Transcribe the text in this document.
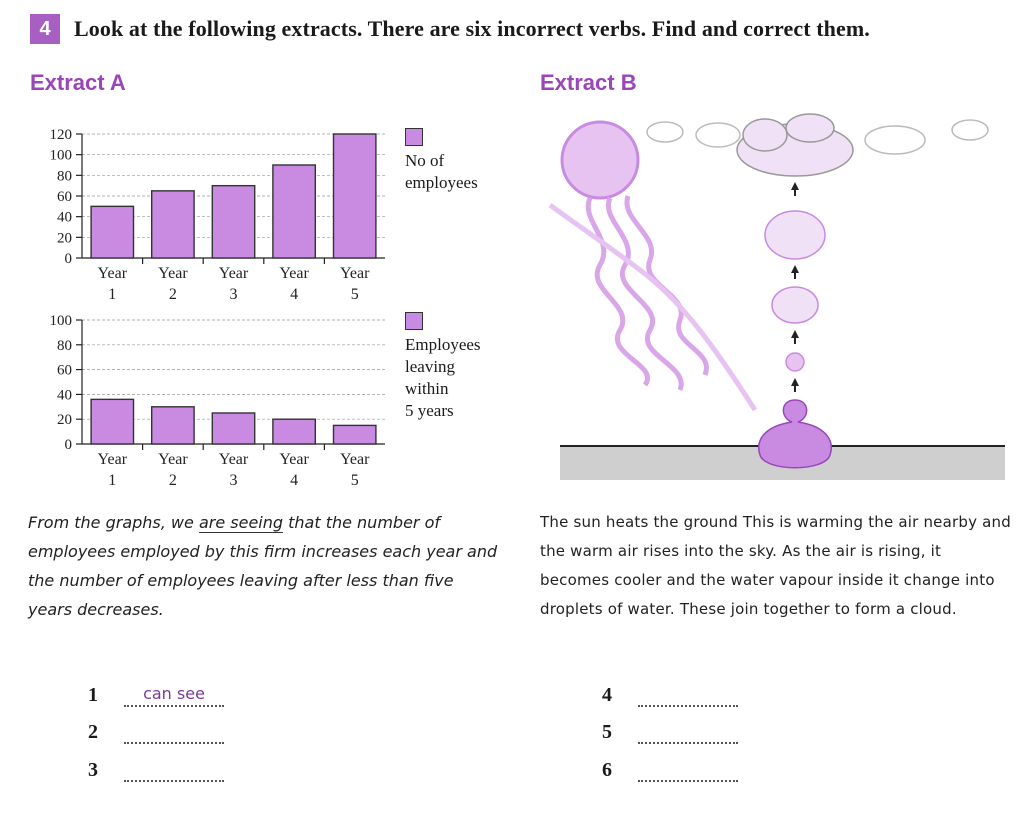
4	Look at the following extracts. There are six incorrect verbs. Find and correct them.
Extract A	Extract B
0
20
40
60
80
100
120
Year
1
Year
2
Year
3
Year
4
Year
5
No of
employees
0
20
40
60
80
100
Year
1
Year
2
Year
3
Year
4
Year
5
Employees
leaving
within
5 years
From the graphs, we are seeing that the number of employees employed by this firm increases each year and the number of employees leaving after less than five years decreases.
The sun heats the ground This is warming the air nearby and the warm air rises into the sky. As the air is rising, it becomes cooler and the water vapour inside it change into droplets of water. These join together to form a cloud.
1	can see
2
3
4
5
6
